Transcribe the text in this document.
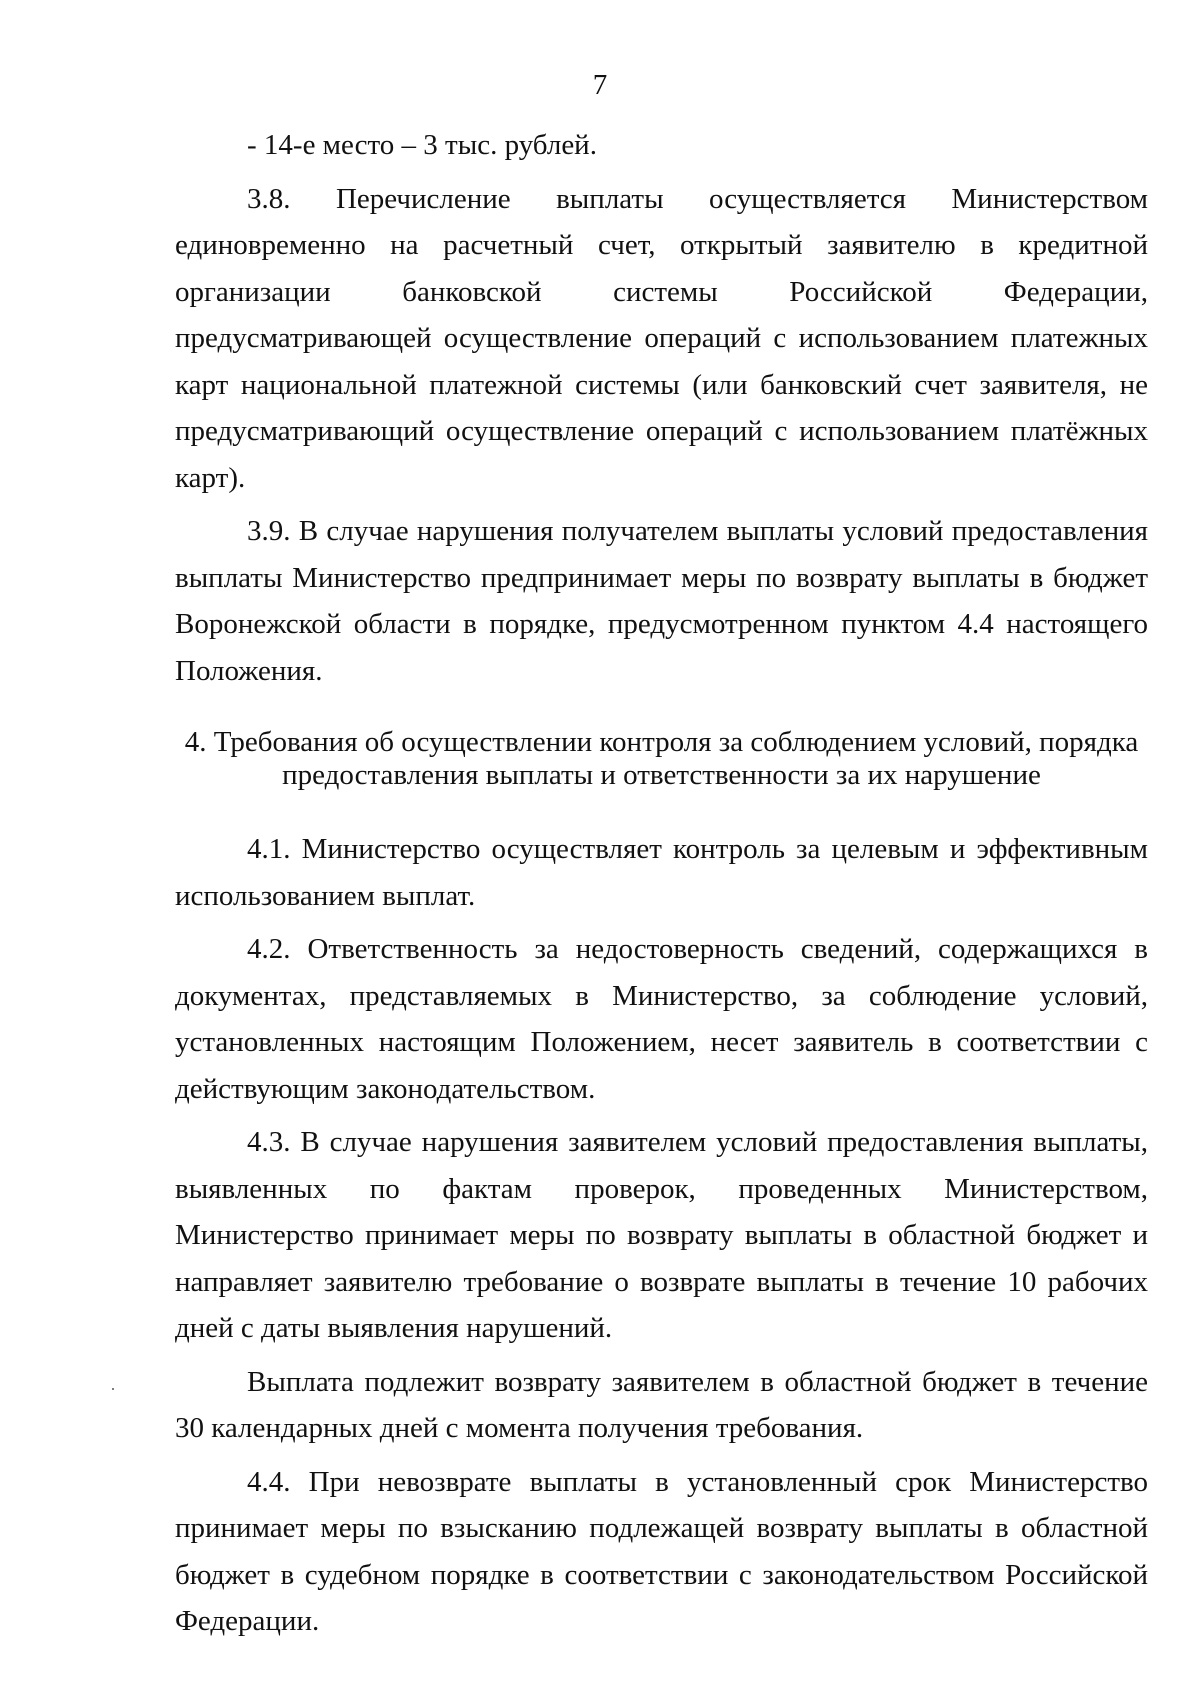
7

- 14-е место – 3 тыс. рублей.

3.8. Перечисление выплаты осуществляется Министерством единовременно на расчетный счет, открытый заявителю в кредитной организации банковской системы Российской Федерации, предусматривающей осуществление операций с использованием платежных карт национальной платежной системы (или банковский счет заявителя, не предусматривающий осуществление операций с использованием платёжных карт).

3.9. В случае нарушения получателем выплаты условий предоставления выплаты Министерство предпринимает меры по возврату выплаты в бюджет Воронежской области в порядке, предусмотренном пунктом 4.4 настоящего Положения.

4. Требования об осуществлении контроля за соблюдением условий, порядка
предоставления выплаты и ответственности за их нарушение

4.1. Министерство осуществляет контроль за целевым и эффективным использованием выплат.

4.2. Ответственность за недостоверность сведений, содержащихся в документах, представляемых в Министерство, за соблюдение условий, установленных настоящим Положением, несет заявитель в соответствии с действующим законодательством.

4.3. В случае нарушения заявителем условий предоставления выплаты, выявленных по фактам проверок, проведенных Министерством, Министерство принимает меры по возврату выплаты в областной бюджет и направляет заявителю требование о возврате выплаты в течение 10 рабочих дней с даты выявления нарушений.

Выплата подлежит возврату заявителем в областной бюджет в течение 30 календарных дней с момента получения требования.

4.4. При невозврате выплаты в установленный срок Министерство принимает меры по взысканию подлежащей возврату выплаты в областной бюджет в судебном порядке в соответствии с законодательством Российской Федерации.
